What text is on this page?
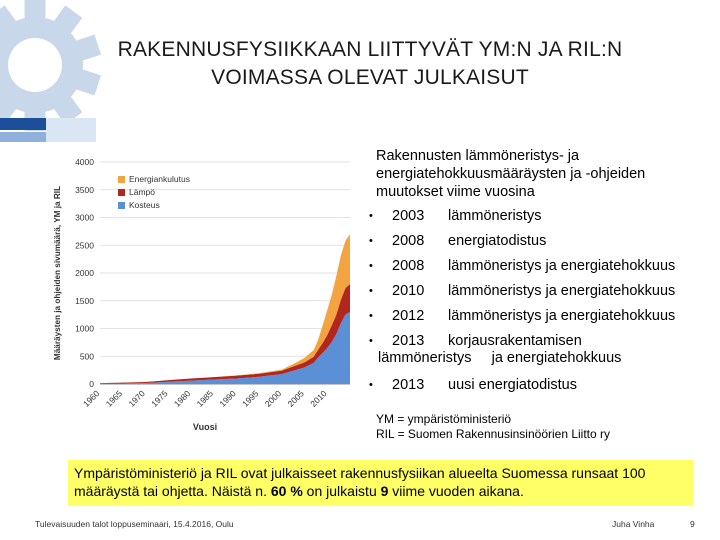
RAKENNUSFYSIIKKAAN LIITTYVÄT YM:N JA RIL:N VOIMASSA OLEVAT JULKAISUT
0
500
1000
1500
2000
2500
3000
3500
4000
1960 1965 1970 1975 1980 1985 1990 1995 2000 2005 2010
Vuosi
Määräysten ja ohjeiden sivumäärä, YM ja RIL
Energiankulutus
Lämpö
Kosteus
Rakennusten lämmöneristys- ja energiatehokkuusmääräysten ja -ohjeiden muutokset viime vuosina
• 2003 lämmöneristys
• 2008 energiatodistus
• 2008 lämmöneristys ja energiatehokkuus
• 2010 lämmöneristys ja energiatehokkuus
• 2012 lämmöneristys ja energiatehokkuus
• 2013 korjausrakentamisen
lämmöneristys     ja energiatehokkuus
• 2013 uusi energiatodistus
YM = ympäristöministeriö
RIL = Suomen Rakennusinsinöörien Liitto ry
Ympäristöministeriö ja RIL ovat julkaisseet rakennusfysiikan alueelta Suomessa runsaat 100 määräystä tai ohjetta. Näistä n. 60 % on julkaistu 9 viime vuoden aikana.
Tulevaisuuden talot loppuseminaari, 15.4.2016, Oulu	Juha Vinha	9
